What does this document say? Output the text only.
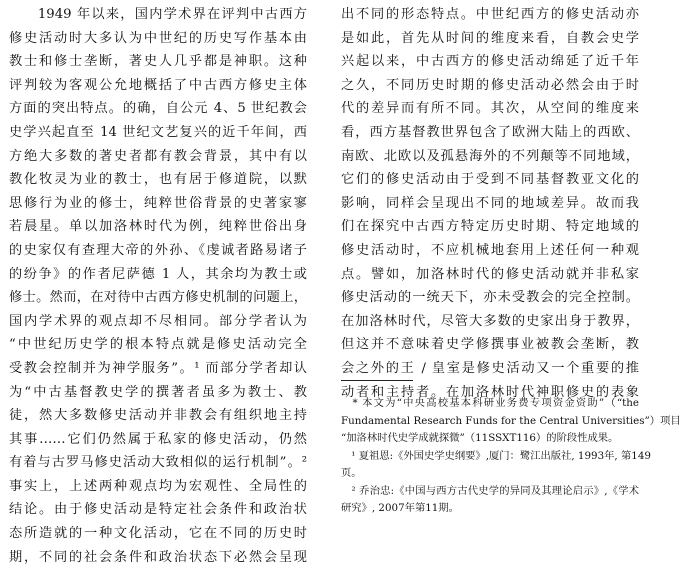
　　1949 年以来，国内学术界在评判中古西方
修史活动时大多认为中世纪的历史写作基本由
教士和修士垄断，著史人几乎都是神职。这种
评判较为客观公允地概括了中古西方修史主体
方面的突出特点。的确，自公元 4、5 世纪教会
史学兴起直至 14 世纪文艺复兴的近千年间，西
方绝大多数的著史者都有教会背景，其中有以
教化牧灵为业的教士，也有居于修道院，以默
思修行为业的修士，纯粹世俗背景的史著家寥
若晨星。单以加洛林时代为例，纯粹世俗出身
的史家仅有查理大帝的外孙、《虔诚者路易诸子
的纷争》的作者尼萨德 1 人，其余均为教士或
修士。然而，在对待中古西方修史机制的问题上，
国内学术界的观点却不尽相同。部分学者认为
“中世纪历史学的根本特点就是修史活动完全
受教会控制并为神学服务”。¹ 而部分学者却认
为“中古基督教史学的撰著者虽多为教士、教
徒，然大多数修史活动并非教会有组织地主持
其事……它们仍然属于私家的修史活动，仍然
有着与古罗马修史活动大致相似的运行机制”。²
事实上，上述两种观点均为宏观性、全局性的
结论。由于修史活动是特定社会条件和政治状
态所造就的一种文化活动，它在不同的历史时
期，不同的社会条件和政治状态下必然会呈现
出不同的形态特点。中世纪西方的修史活动亦
是如此，首先从时间的维度来看，自教会史学
兴起以来，中古西方的修史活动绵延了近千年
之久，不同历史时期的修史活动必然会由于时
代的差异而有所不同。其次，从空间的维度来
看，西方基督教世界包含了欧洲大陆上的西欧、
南欧、北欧以及孤悬海外的不列颠等不同地域，
它们的修史活动由于受到不同基督教亚文化的
影响，同样会呈现出不同的地域差异。故而我
们在探究中古西方特定历史时期、特定地域的
修史活动时，不应机械地套用上述任何一种观
点。譬如，加洛林时代的修史活动就并非私家
修史活动的一统天下，亦未受教会的完全控制。
在加洛林时代，尽管大多数的史家出身于教界，
但这并不意味着史学修撰事业被教会垄断，教
会之外的王 / 皇室是修史活动又一个重要的推
动者和主持者。在加洛林时代神职修史的表象
　* 本文为“中央高校基本科研业务费专项资金资助”（“the
Fundamental Research Funds for the Central Universities”）项目
“加洛林时代史学成就探微”（11SSXT116）的阶段性成果。
　¹ 夏祖恩:《外国史学史纲要》,厦门：鹭江出版社, 1993年, 第149
页。
　² 乔治忠:《中国与西方古代史学的异同及其理论启示》,《学术
研究》, 2007年第11期。
